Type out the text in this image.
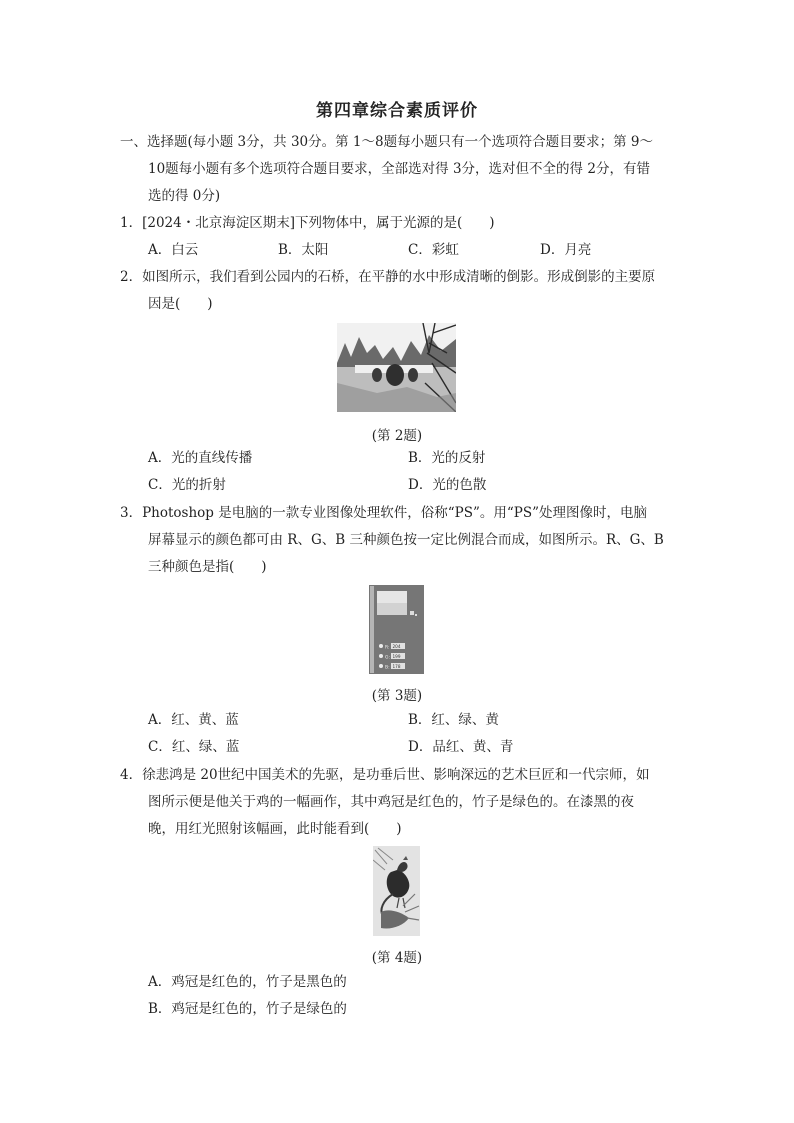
第四章综合素质评价
一、选择题(每小题 3分，共 30分。第 1～8题每小题只有一个选项符合题目要求；第 9～
10题每小题有多个选项符合题目要求，全部选对得 3分，选对但不全的得 2分，有错
选的得 0分)
1．[2024・北京海淀区期末]下列物体中，属于光源的是(　　)
A．白云	B．太阳	C．彩虹	D．月亮
2．如图所示，我们看到公园内的石桥，在平静的水中形成清晰的倒影。形成倒影的主要原
因是(　　)
(第 2题)
A．光的直线传播	B．光的反射
C．光的折射	D．光的色散
3．Photoshop 是电脑的一款专业图像处理软件，俗称“PS”。用“PS”处理图像时，电脑
屏幕显示的颜色都可由 R、G、B 三种颜色按一定比例混合而成，如图所示。R、G、B
三种颜色是指(　　)
R:
G:
B:
204
199
178
(第 3题)
A．红、黄、蓝	B．红、绿、黄
C．红、绿、蓝	D．品红、黄、青
4．徐悲鸿是 20世纪中国美术的先驱，是功垂后世、影响深远的艺术巨匠和一代宗师，如
图所示便是他关于鸡的一幅画作，其中鸡冠是红色的，竹子是绿色的。在漆黑的夜
晚，用红光照射该幅画，此时能看到(　　)
(第 4题)
A．鸡冠是红色的，竹子是黑色的
B．鸡冠是红色的，竹子是绿色的
